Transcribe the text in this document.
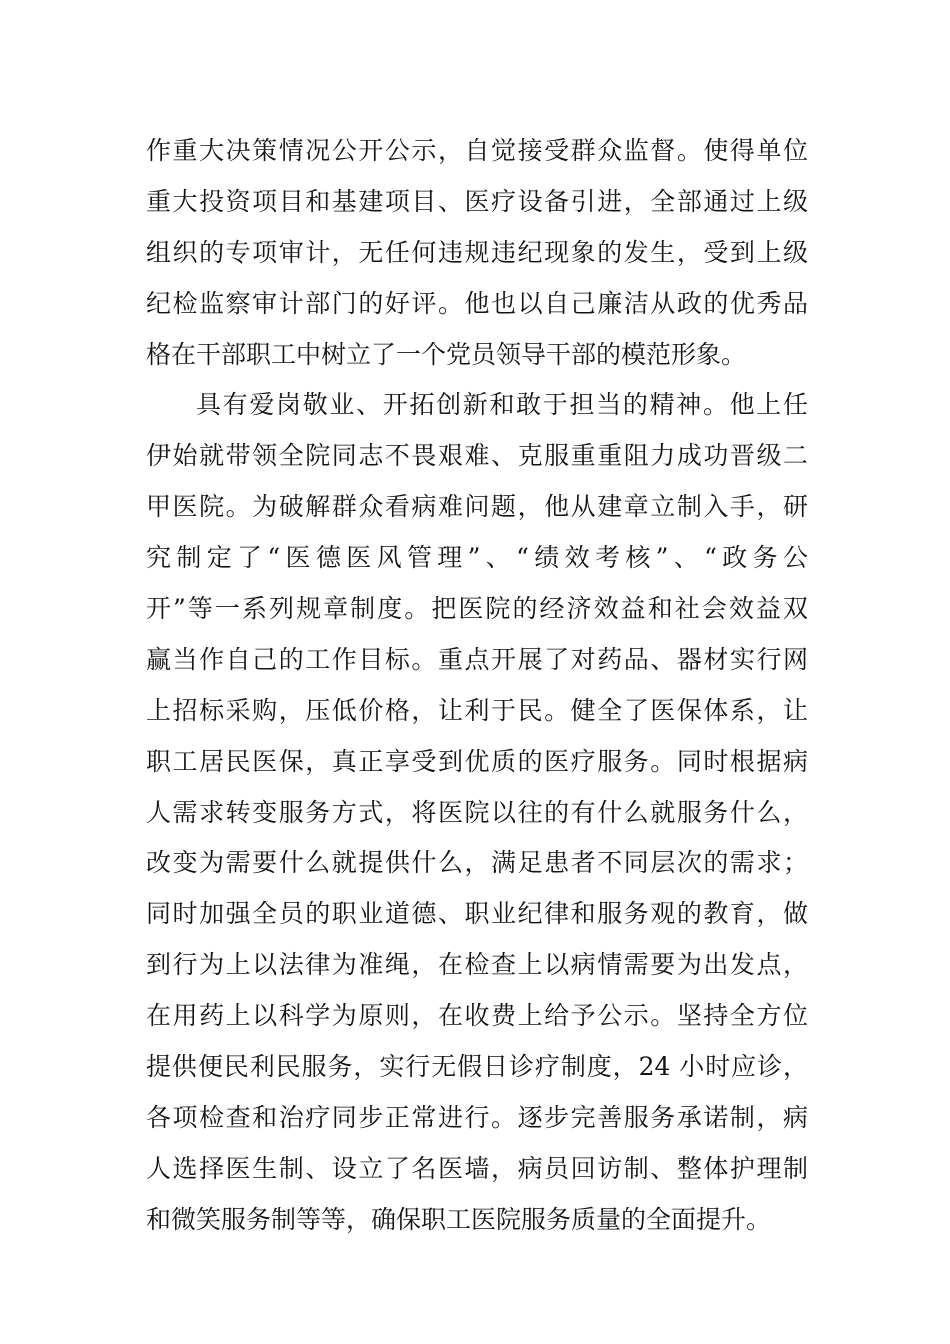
作重大决策情况公开公示，自觉接受群众监督。使得单位
重大投资项目和基建项目、医疗设备引进，全部通过上级
组织的专项审计，无任何违规违纪现象的发生，受到上级
纪检监察审计部门的好评。他也以自己廉洁从政的优秀品
格在干部职工中树立了一个党员领导干部的模范形象。
具有爱岗敬业、开拓创新和敢于担当的精神。他上任
伊始就带领全院同志不畏艰难、克服重重阻力成功晋级二
甲医院。为破解群众看病难问题，他从建章立制入手，研
究制定了“医德医风管理”、“绩效考核”、“政务公
开”等一系列规章制度。把医院的经济效益和社会效益双
赢当作自己的工作目标。重点开展了对药品、器材实行网
上招标采购，压低价格，让利于民。健全了医保体系，让
职工居民医保，真正享受到优质的医疗服务。同时根据病
人需求转变服务方式，将医院以往的有什么就服务什么，
改变为需要什么就提供什么，满足患者不同层次的需求；
同时加强全员的职业道德、职业纪律和服务观的教育，做
到行为上以法律为准绳，在检查上以病情需要为出发点，
在用药上以科学为原则，在收费上给予公示。坚持全方位
提供便民利民服务，实行无假日诊疗制度，24 小时应诊，
各项检查和治疗同步正常进行。逐步完善服务承诺制，病
人选择医生制、设立了名医墙，病员回访制、整体护理制
和微笑服务制等等，确保职工医院服务质量的全面提升。
